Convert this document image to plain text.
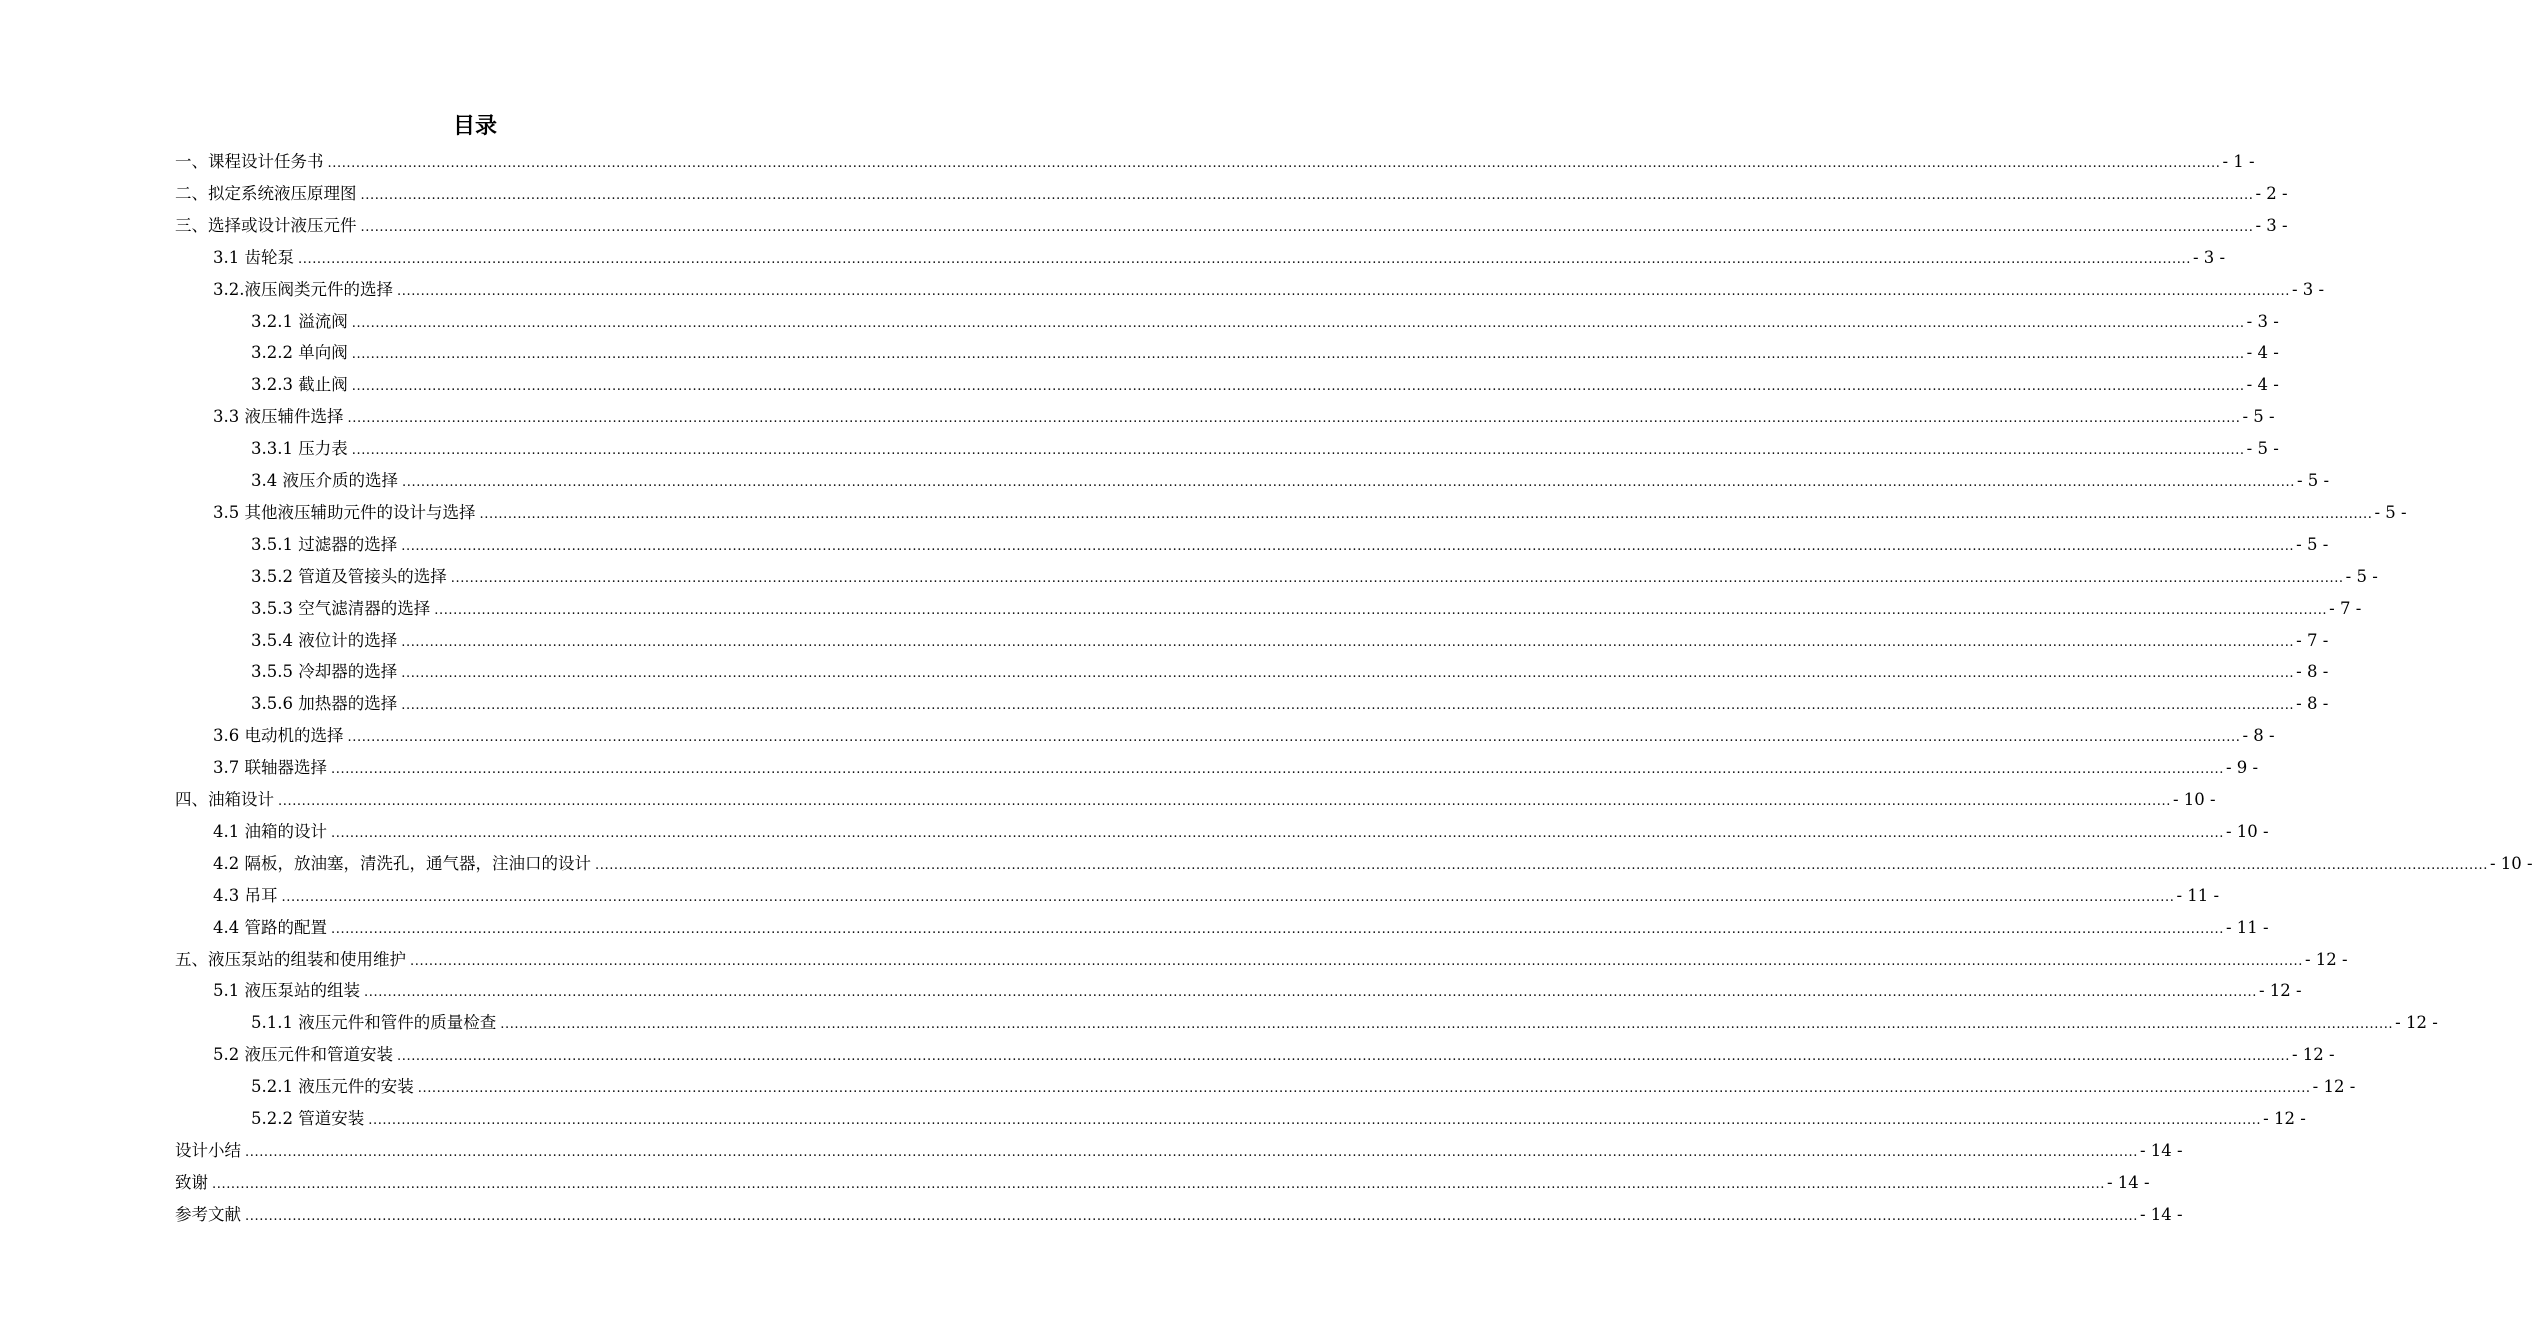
目录
一、课程设计任务书 ................................................................................................................................................................................................................................................................................................................................................................................................................ - 1 -
二、拟定系统液压原理图 ................................................................................................................................................................................................................................................................................................................................................................................................................ - 2 -
三、选择或设计液压元件 ................................................................................................................................................................................................................................................................................................................................................................................................................ - 3 -
3.1 齿轮泵 ................................................................................................................................................................................................................................................................................................................................................................................................................ - 3 -
3.2.液压阀类元件的选择 ................................................................................................................................................................................................................................................................................................................................................................................................................ - 3 -
3.2.1 溢流阀 ................................................................................................................................................................................................................................................................................................................................................................................................................ - 3 -
3.2.2 单向阀 ................................................................................................................................................................................................................................................................................................................................................................................................................ - 4 -
3.2.3 截止阀 ................................................................................................................................................................................................................................................................................................................................................................................................................ - 4 -
3.3 液压辅件选择 ................................................................................................................................................................................................................................................................................................................................................................................................................ - 5 -
3.3.1 压力表 ................................................................................................................................................................................................................................................................................................................................................................................................................ - 5 -
3.4 液压介质的选择 ................................................................................................................................................................................................................................................................................................................................................................................................................ - 5 -
3.5 其他液压辅助元件的设计与选择 ................................................................................................................................................................................................................................................................................................................................................................................................................ - 5 -
3.5.1 过滤器的选择 ................................................................................................................................................................................................................................................................................................................................................................................................................ - 5 -
3.5.2 管道及管接头的选择 ................................................................................................................................................................................................................................................................................................................................................................................................................ - 5 -
3.5.3 空气滤清器的选择 ................................................................................................................................................................................................................................................................................................................................................................................................................ - 7 -
3.5.4 液位计的选择 ................................................................................................................................................................................................................................................................................................................................................................................................................ - 7 -
3.5.5 冷却器的选择 ................................................................................................................................................................................................................................................................................................................................................................................................................ - 8 -
3.5.6 加热器的选择 ................................................................................................................................................................................................................................................................................................................................................................................................................ - 8 -
3.6 电动机的选择 ................................................................................................................................................................................................................................................................................................................................................................................................................ - 8 -
3.7 联轴器选择 ................................................................................................................................................................................................................................................................................................................................................................................................................ - 9 -
四、油箱设计 ................................................................................................................................................................................................................................................................................................................................................................................................................ - 10 -
4.1 油箱的设计 ................................................................................................................................................................................................................................................................................................................................................................................................................ - 10 -
4.2 隔板，放油塞，清洗孔，通气器，注油口的设计 ................................................................................................................................................................................................................................................................................................................................................................................................................ - 10 -
4.3 吊耳 ................................................................................................................................................................................................................................................................................................................................................................................................................ - 11 -
4.4 管路的配置 ................................................................................................................................................................................................................................................................................................................................................................................................................ - 11 -
五、液压泵站的组装和使用维护 ................................................................................................................................................................................................................................................................................................................................................................................................................ - 12 -
5.1 液压泵站的组装 ................................................................................................................................................................................................................................................................................................................................................................................................................ - 12 -
5.1.1 液压元件和管件的质量检查 ................................................................................................................................................................................................................................................................................................................................................................................................................ - 12 -
5.2 液压元件和管道安装 ................................................................................................................................................................................................................................................................................................................................................................................................................ - 12 -
5.2.1 液压元件的安装 ................................................................................................................................................................................................................................................................................................................................................................................................................ - 12 -
5.2.2 管道安装 ................................................................................................................................................................................................................................................................................................................................................................................................................ - 12 -
设计小结 ................................................................................................................................................................................................................................................................................................................................................................................................................ - 14 -
致谢 ................................................................................................................................................................................................................................................................................................................................................................................................................ - 14 -
参考文献 ................................................................................................................................................................................................................................................................................................................................................................................................................ - 14 -
